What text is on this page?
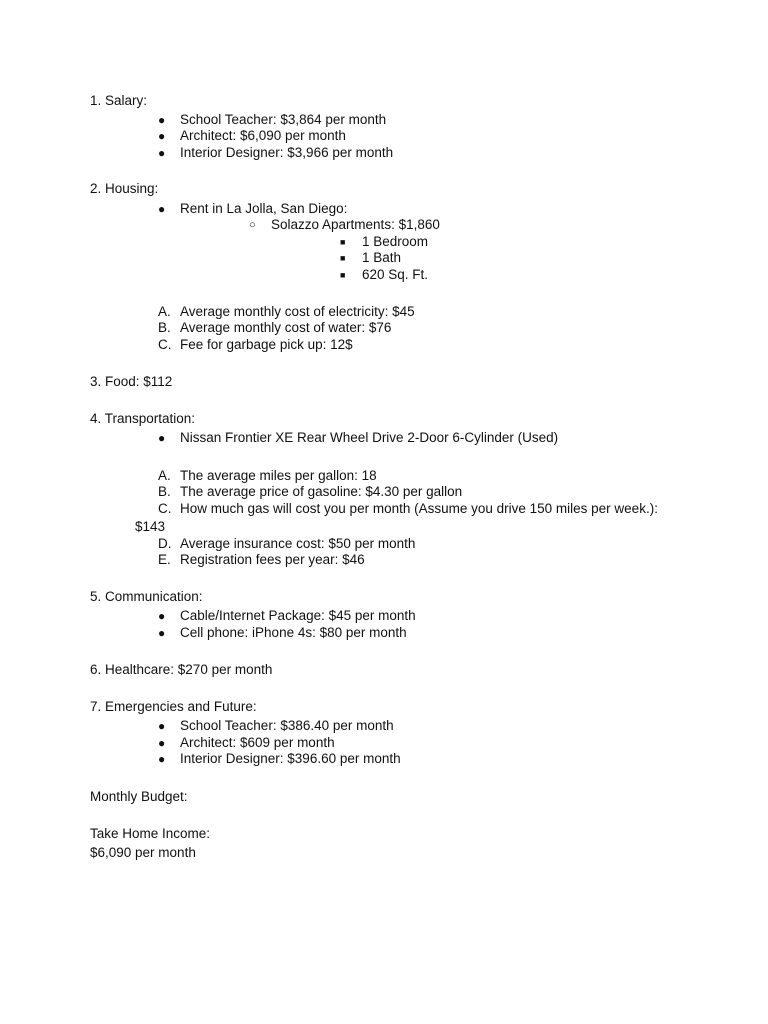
1. Salary:
● School Teacher: $3,864 per month
● Architect: $6,090 per month
● Interior Designer: $3,966 per month
2. Housing:
● Rent in La Jolla, San Diego:
○ Solazzo Apartments: $1,860
■ 1 Bedroom
■ 1 Bath
■ 620 Sq. Ft.
A. Average monthly cost of electricity: $45
B. Average monthly cost of water: $76
C. Fee for garbage pick up: 12$
3. Food: $112
4. Transportation:
● Nissan Frontier XE Rear Wheel Drive 2-Door 6-Cylinder (Used)
A. The average miles per gallon: 18
B. The average price of gasoline: $4.30 per gallon
C. How much gas will cost you per month (Assume you drive 150 miles per week.):
$143
D. Average insurance cost: $50 per month
E. Registration fees per year: $46
5. Communication:
● Cable/Internet Package: $45 per month
● Cell phone: iPhone 4s: $80 per month
6. Healthcare: $270 per month
7. Emergencies and Future:
● School Teacher: $386.40 per month
● Architect: $609 per month
● Interior Designer: $396.60 per month
Monthly Budget:
Take Home Income:
$6,090 per month
